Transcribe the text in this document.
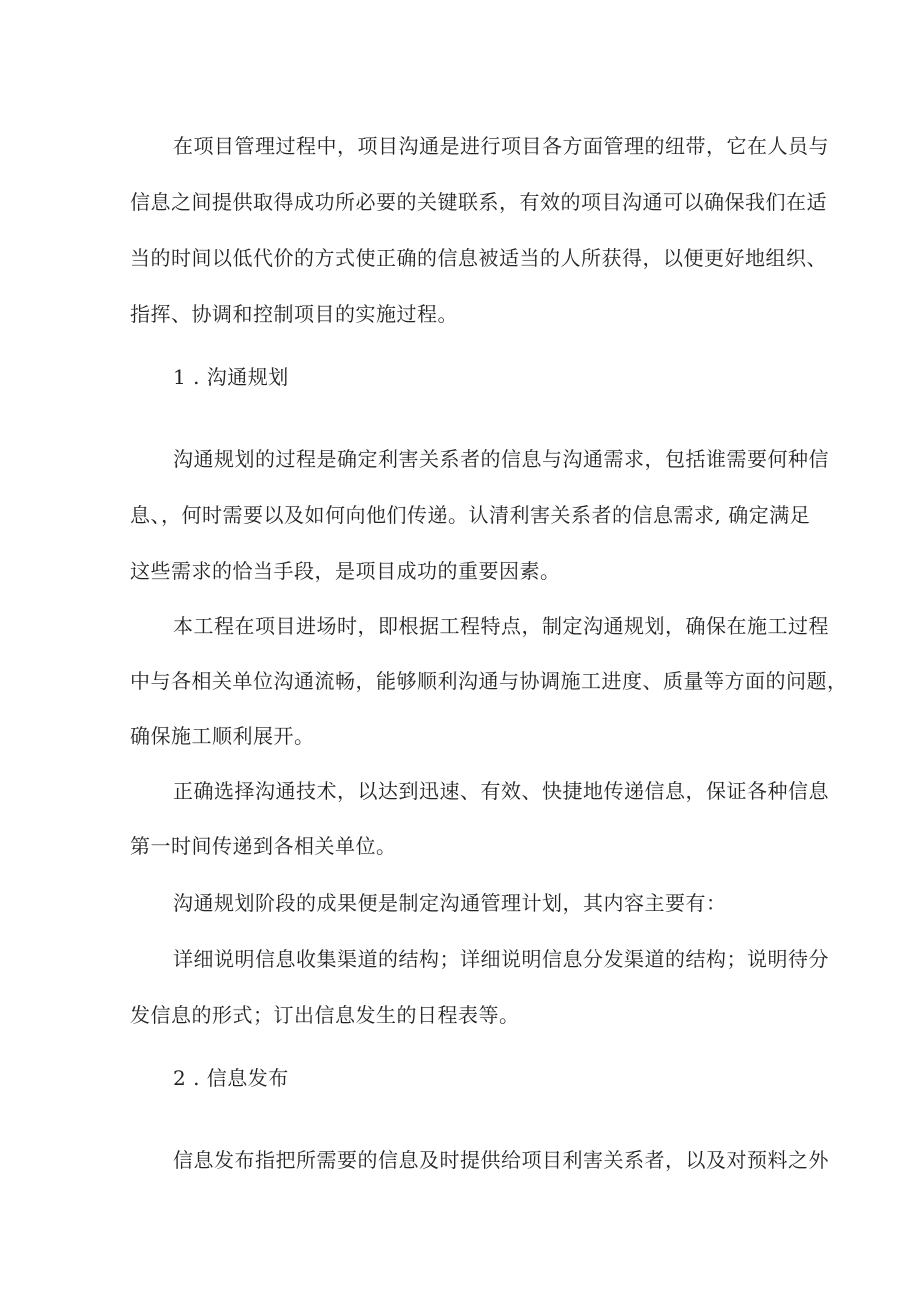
在项目管理过程中，项目沟通是进行项目各方面管理的纽带，它在人员与
信息之间提供取得成功所必要的关键联系，有效的项目沟通可以确保我们在适
当的时间以低代价的方式使正确的信息被适当的人所获得，以便更好地组织、
指挥、协调和控制项目的实施过程。
1 . 沟通规划
沟通规划的过程是确定利害关系者的信息与沟通需求，包括谁需要何种信
息、，何时需要以及如何向他们传递。认清利害关系者的信息需求, 确定满足
这些需求的恰当手段，是项目成功的重要因素。
本工程在项目进场时，即根据工程特点，制定沟通规划，确保在施工过程
中与各相关单位沟通流畅，能够顺利沟通与协调施工进度、质量等方面的问题，
确保施工顺利展开。
正确选择沟通技术，以达到迅速、有效、快捷地传递信息，保证各种信息
第一时间传递到各相关单位。
沟通规划阶段的成果便是制定沟通管理计划，其内容主要有：
详细说明信息收集渠道的结构；详细说明信息分发渠道的结构；说明待分
发信息的形式；订出信息发生的日程表等。
2 . 信息发布
信息发布指把所需要的信息及时提供给项目利害关系者，以及对预料之外
